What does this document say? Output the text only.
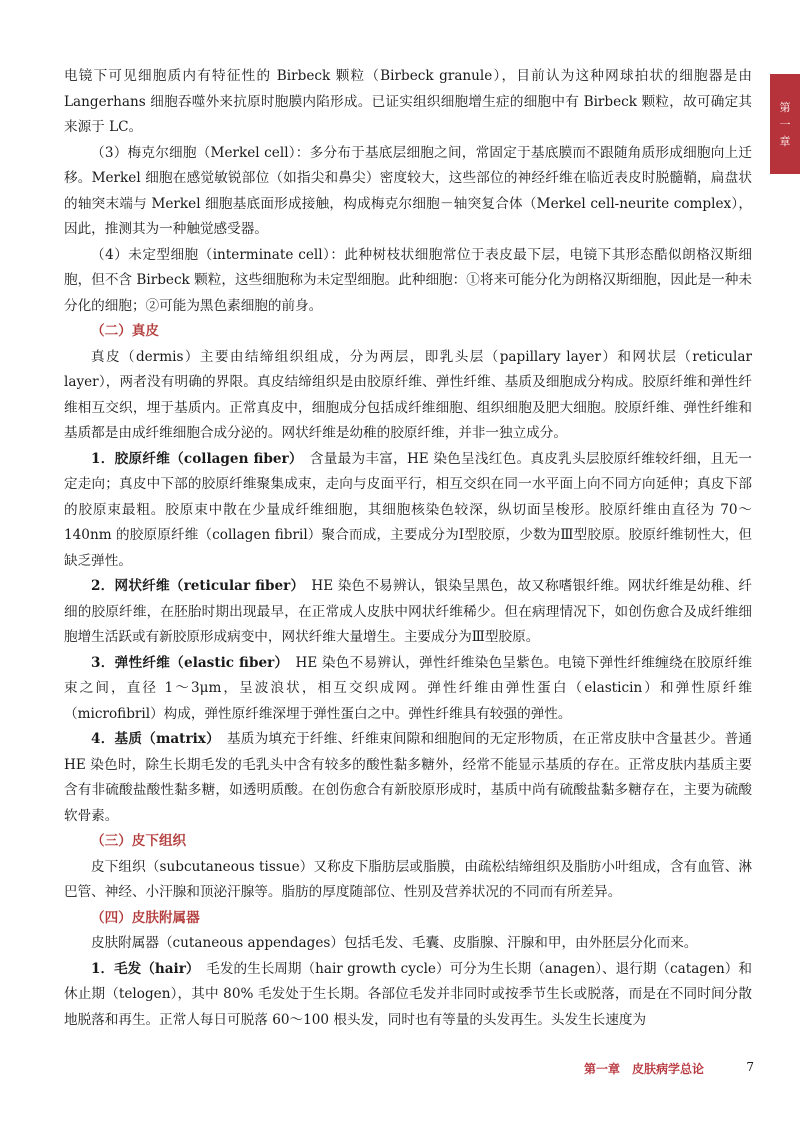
第
一
章

电镜下可见细胞质内有特征性的 Birbeck 颗粒（Birbeck granule），目前认为这种网球拍状的细胞器是由 Langerhans 细胞吞噬外来抗原时胞膜内陷形成。已证实组织细胞增生症的细胞中有 Birbeck 颗粒，故可确定其来源于 LC。

（3）梅克尔细胞（Merkel cell）：多分布于基底层细胞之间，常固定于基底膜而不跟随角质形成细胞向上迁移。Merkel 细胞在感觉敏锐部位（如指尖和鼻尖）密度较大，这些部位的神经纤维在临近表皮时脱髓鞘，扁盘状的轴突末端与 Merkel 细胞基底面形成接触，构成梅克尔细胞－轴突复合体（Merkel cell-neurite complex），因此，推测其为一种触觉感受器。

（4）未定型细胞（interminate cell）：此种树枝状细胞常位于表皮最下层，电镜下其形态酷似朗格汉斯细胞，但不含 Birbeck 颗粒，这些细胞称为未定型细胞。此种细胞：①将来可能分化为朗格汉斯细胞，因此是一种未分化的细胞；②可能为黑色素细胞的前身。

（二）真皮

真皮（dermis）主要由结缔组织组成，分为两层，即乳头层（papillary layer）和网状层（reticular layer），两者没有明确的界限。真皮结缔组织是由胶原纤维、弹性纤维、基质及细胞成分构成。胶原纤维和弹性纤维相互交织，埋于基质内。正常真皮中，细胞成分包括成纤维细胞、组织细胞及肥大细胞。胶原纤维、弹性纤维和基质都是由成纤维细胞合成分泌的。网状纤维是幼稚的胶原纤维，并非一独立成分。

1．胶原纤维（collagen fiber）　 含量最为丰富，HE 染色呈浅红色。真皮乳头层胶原纤维较纤细，且无一定走向；真皮中下部的胶原纤维聚集成束，走向与皮面平行，相互交织在同一水平面上向不同方向延伸；真皮下部的胶原束最粗。胶原束中散在少量成纤维细胞，其细胞核染色较深，纵切面呈梭形。胶原纤维由直径为 70～140nm 的胶原原纤维（collagen fibril）聚合而成，主要成分为Ⅰ型胶原，少数为Ⅲ型胶原。胶原纤维韧性大，但缺乏弹性。

2．网状纤维（reticular fiber）　 HE 染色不易辨认，银染呈黑色，故又称嗜银纤维。网状纤维是幼稚、纤细的胶原纤维，在胚胎时期出现最早，在正常成人皮肤中网状纤维稀少。但在病理情况下，如创伤愈合及成纤维细胞增生活跃或有新胶原形成病变中，网状纤维大量增生。主要成分为Ⅲ型胶原。

3．弹性纤维（elastic fiber）　 HE 染色不易辨认，弹性纤维染色呈紫色。电镜下弹性纤维缠绕在胶原纤维束之间，直径 1～3μm，呈波浪状，相互交织成网。弹性纤维由弹性蛋白（elasticin）和弹性原纤维（microfibril）构成，弹性原纤维深埋于弹性蛋白之中。弹性纤维具有较强的弹性。

4．基质（matrix）　 基质为填充于纤维、纤维束间隙和细胞间的无定形物质，在正常皮肤中含量甚少。普通 HE 染色时，除生长期毛发的毛乳头中含有较多的酸性黏多糖外，经常不能显示基质的存在。正常皮肤内基质主要含有非硫酸盐酸性黏多糖，如透明质酸。在创伤愈合有新胶原形成时，基质中尚有硫酸盐黏多糖存在，主要为硫酸软骨素。

（三）皮下组织

皮下组织（subcutaneous tissue）又称皮下脂肪层或脂膜，由疏松结缔组织及脂肪小叶组成，含有血管、淋巴管、神经、小汗腺和顶泌汗腺等。脂肪的厚度随部位、性别及营养状况的不同而有所差异。

（四）皮肤附属器

皮肤附属器（cutaneous appendages）包括毛发、毛囊、皮脂腺、汗腺和甲，由外胚层分化而来。

1．毛发（hair）　 毛发的生长周期（hair growth cycle）可分为生长期（anagen）、退行期（catagen）和休止期（telogen），其中 80% 毛发处于生长期。各部位毛发并非同时或按季节生长或脱落，而是在不同时间分散地脱落和再生。正常人每日可脱落 60～100 根头发，同时也有等量的头发再生。头发生长速度为

第一章　皮肤病学总论	7
